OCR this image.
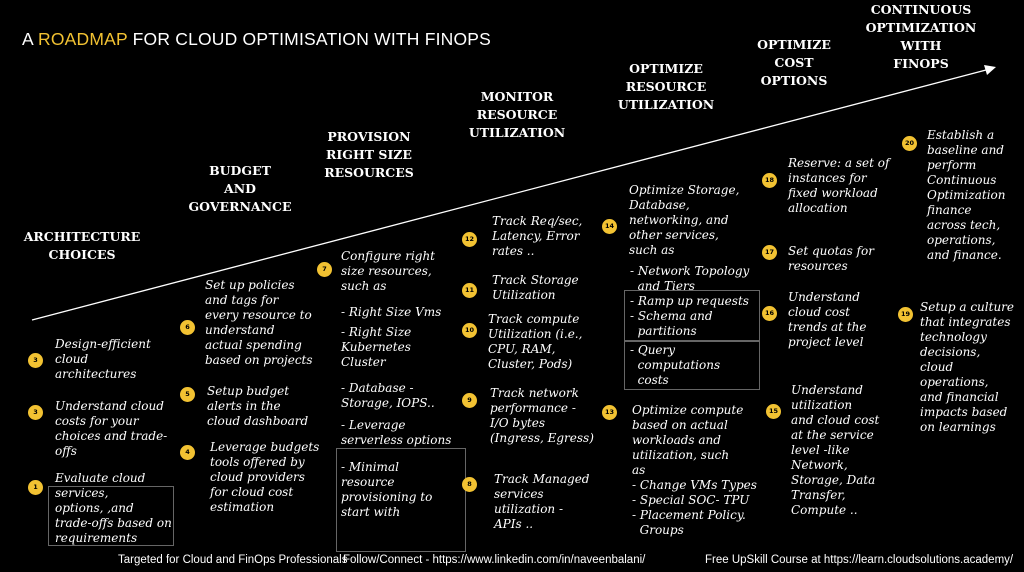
A ROADMAP FOR CLOUD OPTIMISATION WITH FINOPS
ARCHITECTURE
CHOICES
BUDGET
AND
GOVERNANCE
PROVISION
RIGHT SIZE
RESOURCES
MONITOR
RESOURCE
UTILIZATION
OPTIMIZE
RESOURCE
UTILIZATION
OPTIMIZE
COST
OPTIONS
CONTINUOUS
OPTIMIZATION
WITH
FINOPS
3
Design-efficient
cloud
architectures
3	Understand cloud
costs for your
choices and trade-
offs
1
Evaluate cloud
services,
options, ,and
trade-offs based on
requirements
6
Set up policies
and tags for
every resource to
understand
actual spending
based on projects
5	Setup budget
alerts in the
cloud dashboard
4	Leverage budgets
tools offered by
cloud providers
for cloud cost
estimation
7
Configure right
size resources,
such as
- Right Size Vms
- Right Size
Kubernetes
Cluster
- Database -
Storage, IOPS..
- Leverage
serverless options
- Minimal
resource
provisioning to
start with
12
Track Req/sec,
Latency, Error
rates ..
11
Track Storage
Utilization
10
Track compute
Utilization (i.e.,
CPU, RAM,
Cluster, Pods)
9	Track network
performance -
I/O bytes
(Ingress, Egress)
8	Track Managed
services
utilization -
APIs ..
14
Optimize Storage,
Database,
networking, and
other services,
such as
- Network Topology
and Tiers
- Ramp up requests
- Schema and
partitions
- Query
computations
costs
13 Optimize compute
based on actual
workloads and
utilization, such
as
- Change VMs Types
- Special SOC- TPU
- Placement Policy.
Groups
18
Reserve: a set of
instances for
fixed workload
allocation
17 Set quotas for
resources
16
Understand
cloud cost
trends at the
project level
15
Understand
utilization
and cloud cost
at the service
level -like
Network,
Storage, Data
Transfer,
Compute ..
20
Establish a
baseline and
perform
Continuous
Optimization
finance
across tech,
operations,
and finance.
19 Setup a culture
that integrates
technology
decisions,
cloud
operations,
and financial
impacts based
on learnings
Targeted for Cloud and FinOps Professionals
Follow/Connect - https://www.linkedin.com/in/naveenbalani/	Free UpSkill Course at https://learn.cloudsolutions.academy/
